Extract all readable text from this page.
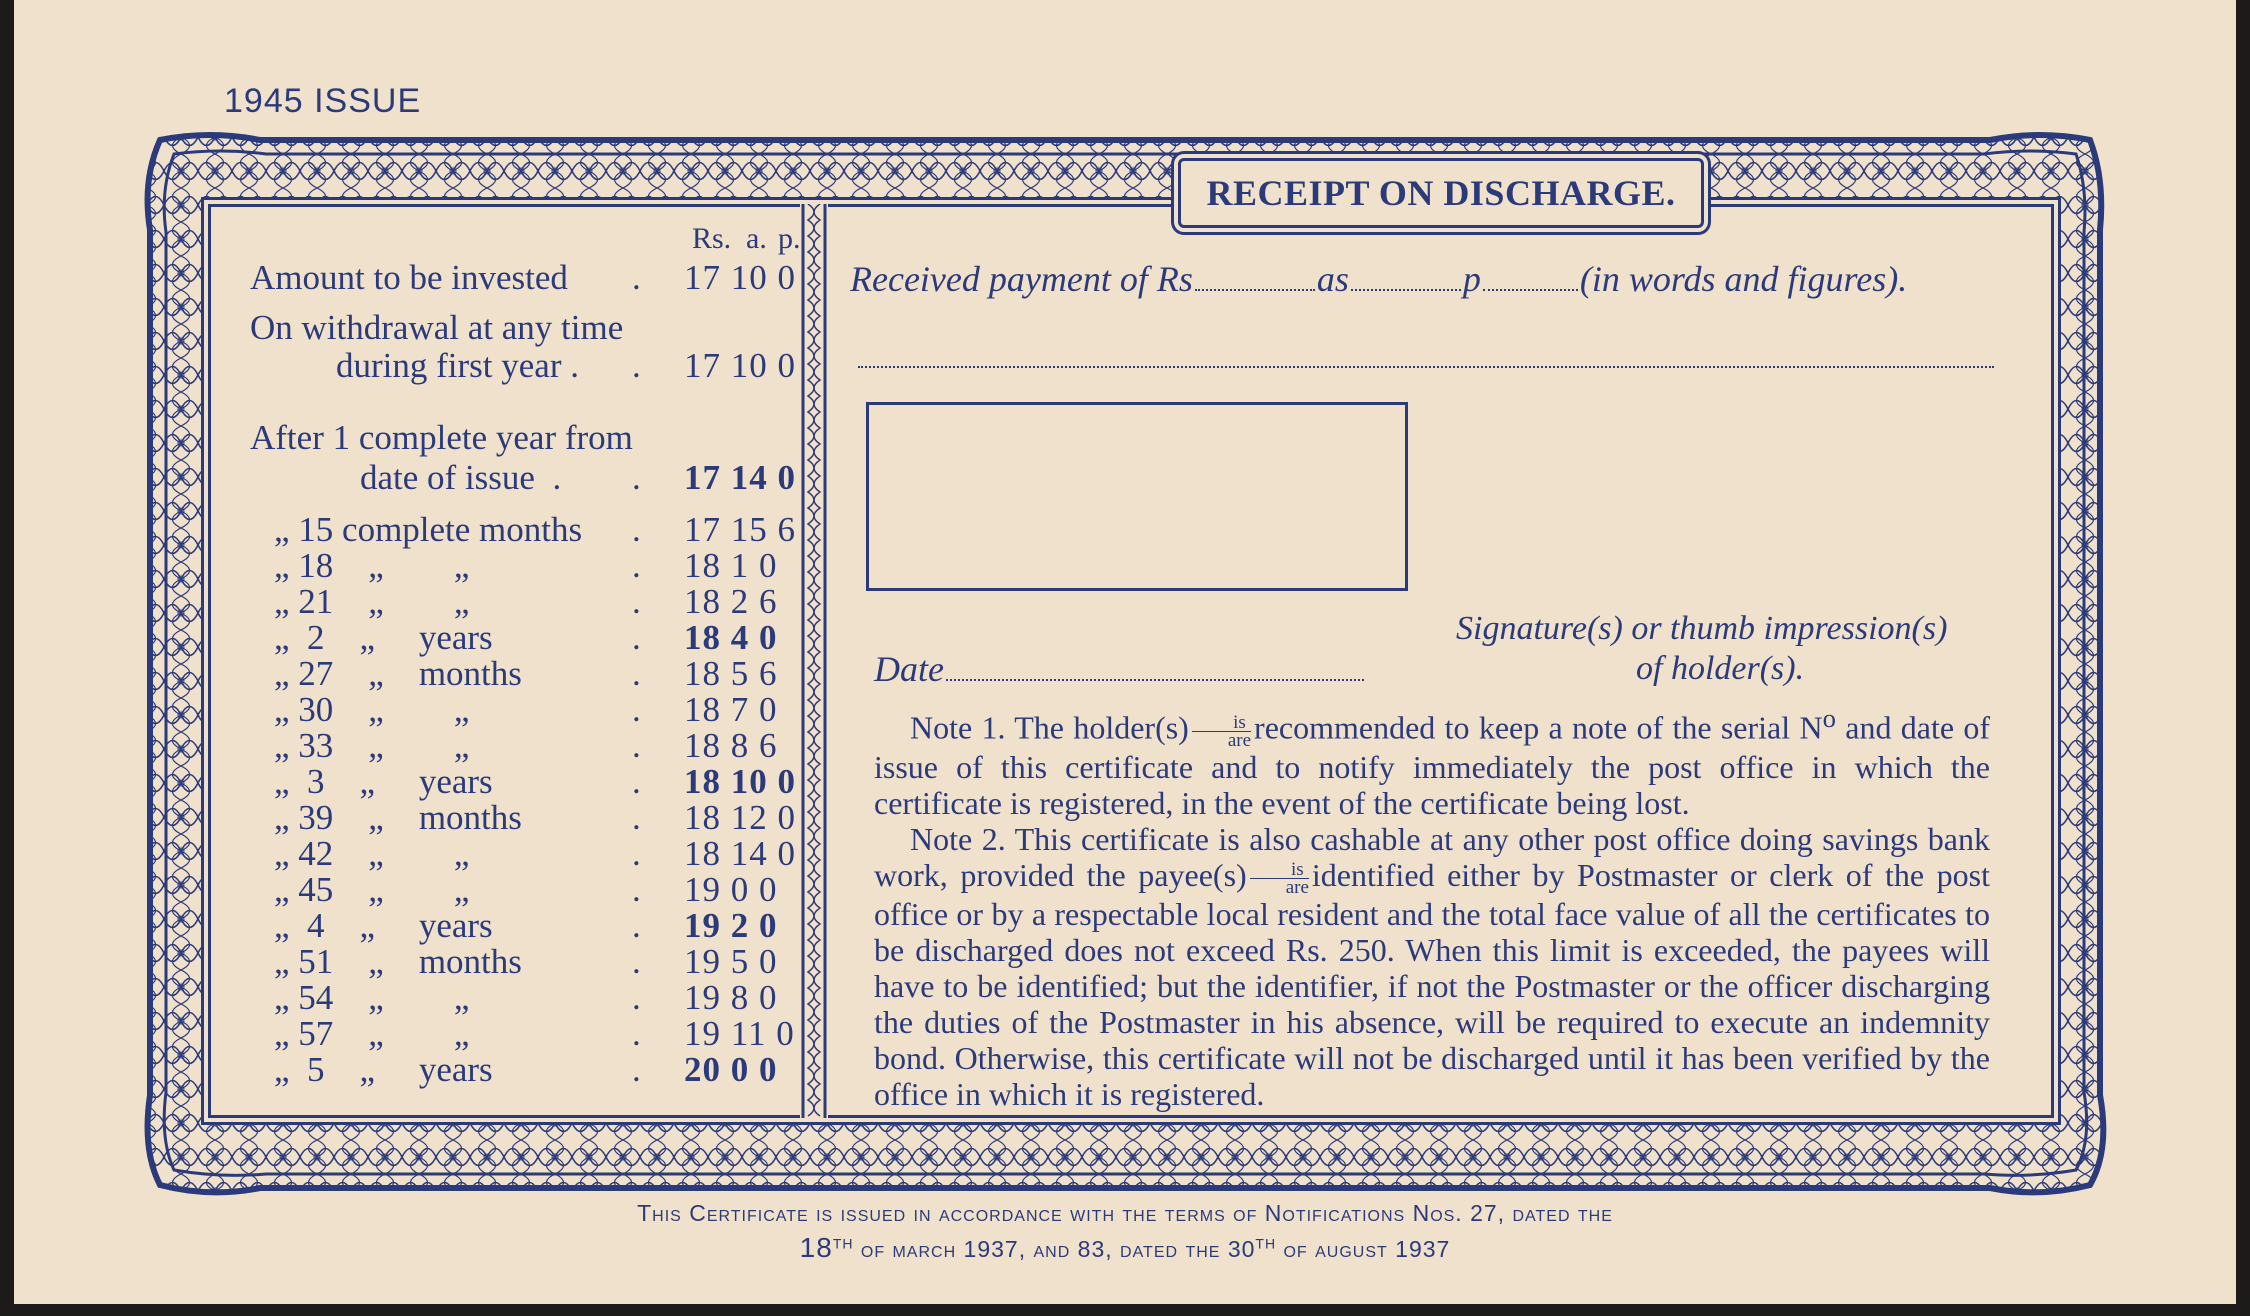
1945 ISSUE
RECEIPT ON DISCHARGE.
Rs. a. p.
Amount to be invested . 17 10 0
On withdrawal at any time
during first year . . 17 10 0
After 1 complete year from
date of issue  . . 17 14 0
„ 15 complete months . 17 15 6
„ 18    „        „	. 18 1 0
„ 21    „        „	. 18 2 6
„  2    „     years	. 18 4 0
„ 27    „    months	. 18 5 6
„ 30    „        „	. 18 7 0
„ 33    „        „	. 18 8 6
„  3    „     years	. 18 10 0
„ 39    „    months	. 18 12 0
„ 42    „        „	. 18 14 0
„ 45    „        „	. 19 0 0
„  4    „     years	. 19 2 0
„ 51    „    months	. 19 5 0
„ 54    „        „	. 19 8 0
„ 57    „        „	. 19 11 0
„  5    „     years	. 20 0 0
Received payment of Rs	as	p	(in words and figures).
Signature(s) or thumb impression(s)
of holder(s).
Date

Note 1. The holder(s) $\frac{is}{\text{are}}$ recommended to keep a note of the serial $N^o$ and date of issue of this certificate and to notify immediately the post office in which the certificate is registered, in the event of the certificate being lost.

Note 2. This certificate is also cashable at any other post office doing savings bank work, provided the payee(s) $\frac{is}{\text{are}}$ identified either by Postmaster or clerk of the post office or by a respectable local resident and the total face value of all the certificates to be discharged does not exceed Rs. 250. When this limit is exceeded, the payees will have to be identified; but the identifier, if not the Postmaster or the officer discharging the duties of the Postmaster in his absence, will be required to execute an indemnity bond. Otherwise, this certificate will not be discharged until it has been verified by the office in which it is registered.

This Certificate is issued in accordance with the terms of Notifications Nos. 27, dated the
18TH of march 1937, and 83, dated the 30TH of august 1937
